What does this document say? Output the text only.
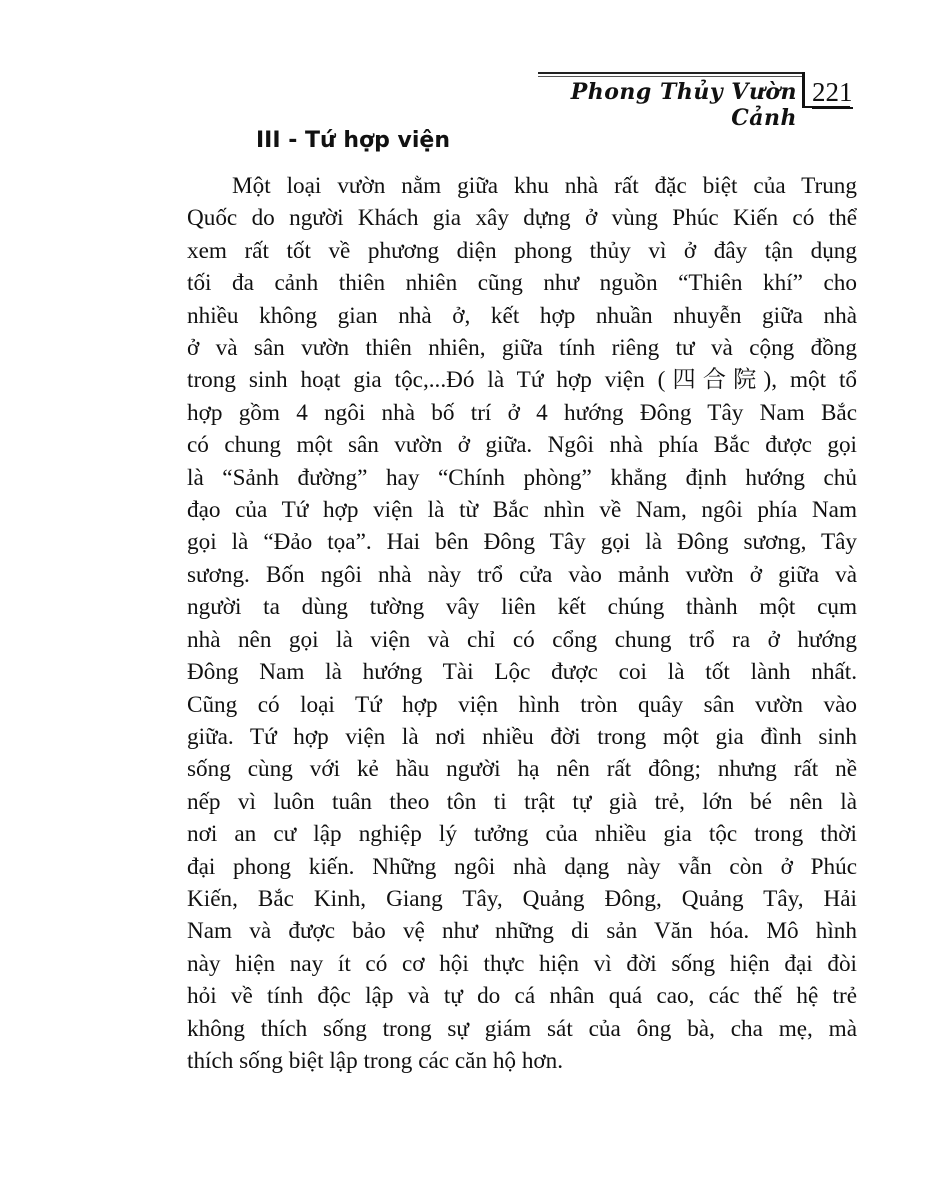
Phong Thủy Vườn Cảnh
221
III - Tứ hợp viện
Một loại vườn nằm giữa khu nhà rất đặc biệt của Trung
Quốc do người Khách gia xây dựng ở vùng Phúc Kiến có thể
xem rất tốt về phương diện phong thủy vì ở đây tận dụng
tối đa cảnh thiên nhiên cũng như nguồn “Thiên khí” cho
nhiều không gian nhà ở, kết hợp nhuần nhuyễn giữa nhà
ở và sân vườn thiên nhiên, giữa tính riêng tư và cộng đồng
trong sinh hoạt gia tộc,...Đó là Tứ hợp viện (四合院), một tổ
hợp gồm 4 ngôi nhà bố trí ở 4 hướng Đông Tây Nam Bắc
có chung một sân vườn ở giữa. Ngôi nhà phía Bắc được gọi
là “Sảnh đường” hay “Chính phòng” khẳng định hướng chủ
đạo của Tứ hợp viện là từ Bắc nhìn về Nam, ngôi phía Nam
gọi là “Đảo tọa”. Hai bên Đông Tây gọi là Đông sương, Tây
sương. Bốn ngôi nhà này trổ cửa vào mảnh vườn ở giữa và
người ta dùng tường vây liên kết chúng thành một cụm
nhà nên gọi là viện và chỉ có cổng chung trổ ra ở hướng
Đông Nam là hướng Tài Lộc được coi là tốt lành nhất.
Cũng có loại Tứ hợp viện hình tròn quây sân vườn vào
giữa. Tứ hợp viện là nơi nhiều đời trong một gia đình sinh
sống cùng với kẻ hầu người hạ nên rất đông; nhưng rất nề
nếp vì luôn tuân theo tôn ti trật tự già trẻ, lớn bé nên là
nơi an cư lập nghiệp lý tưởng của nhiều gia tộc trong thời
đại phong kiến. Những ngôi nhà dạng này vẫn còn ở Phúc
Kiến, Bắc Kinh, Giang Tây, Quảng Đông, Quảng Tây, Hải
Nam và được bảo vệ như những di sản Văn hóa. Mô hình
này hiện nay ít có cơ hội thực hiện vì đời sống hiện đại đòi
hỏi về tính độc lập và tự do cá nhân quá cao, các thế hệ trẻ
không thích sống trong sự giám sát của ông bà, cha mẹ, mà
thích sống biệt lập trong các căn hộ hơn.
